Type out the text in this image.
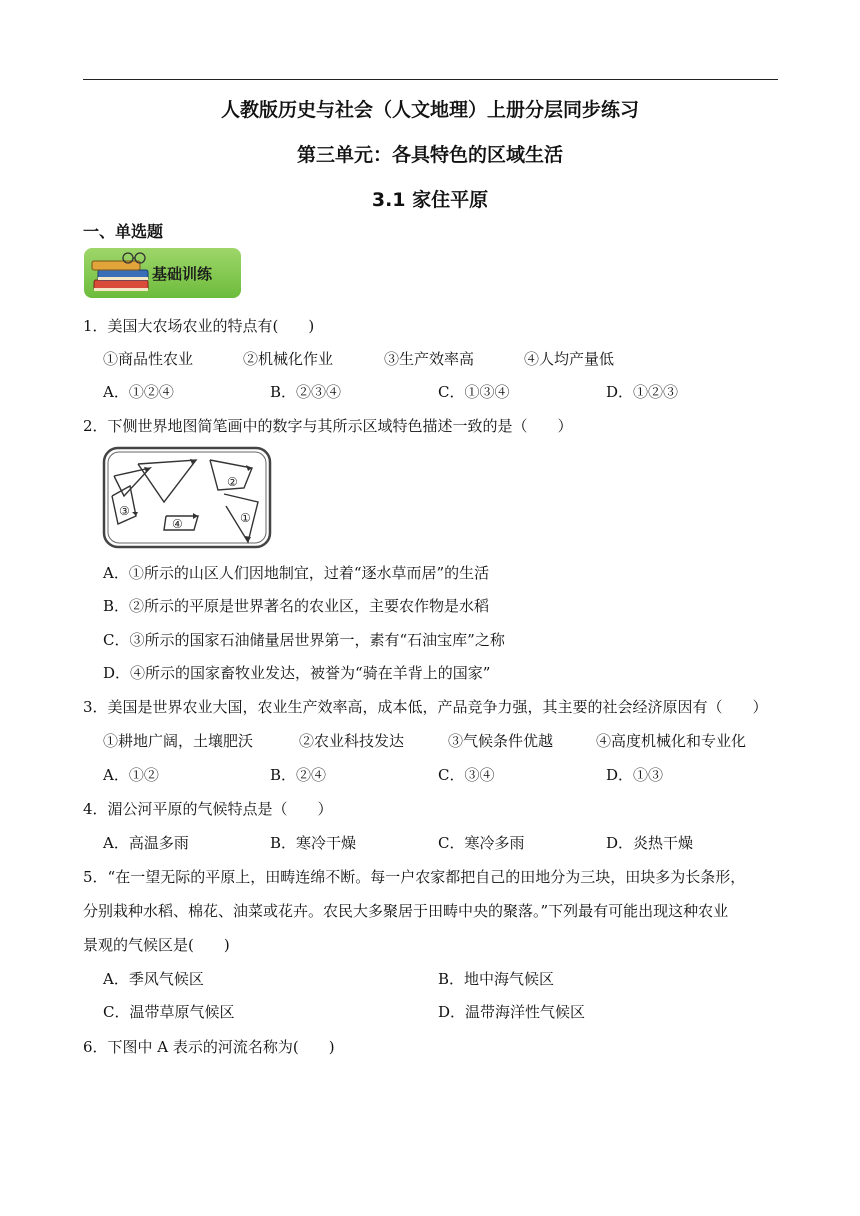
人教版历史与社会（人文地理）上册分层同步练习
第三单元：各具特色的区域生活
3.1 家住平原
一、单选题
基础训练
1．美国大农场农业的特点有(　　)
①商品性农业	②机械化作业	③生产效率高	④人均产量低
A．①②④	B．②③④	C．①③④	D．①②③
2．下侧世界地图简笔画中的数字与其所示区域特色描述一致的是（　　）
③
④
②
①
A．①所示的山区人们因地制宜，过着“逐水草而居”的生活
B．②所示的平原是世界著名的农业区，主要农作物是水稻
C．③所示的国家石油储量居世界第一，素有“石油宝库”之称
D．④所示的国家畜牧业发达，被誉为“骑在羊背上的国家”
3．美国是世界农业大国，农业生产效率高，成本低，产品竞争力强，其主要的社会经济原因有（　　）
①耕地广阔，土壤肥沃	②农业科技发达	③气候条件优越	④高度机械化和专业化
A．①②	B．②④	C．③④	D．①③
4．湄公河平原的气候特点是（　　）
A．高温多雨	B．寒冷干燥	C．寒冷多雨	D．炎热干燥
5．“在一望无际的平原上，田畴连绵不断。每一户农家都把自己的田地分为三块，田块多为长条形，
分别栽种水稻、棉花、油菜或花卉。农民大多聚居于田畴中央的聚落。”下列最有可能出现这种农业
景观的气候区是(　　)
A．季风气候区	B．地中海气候区
C．温带草原气候区	D．温带海洋性气候区
6．下图中 A 表示的河流名称为(　　)
